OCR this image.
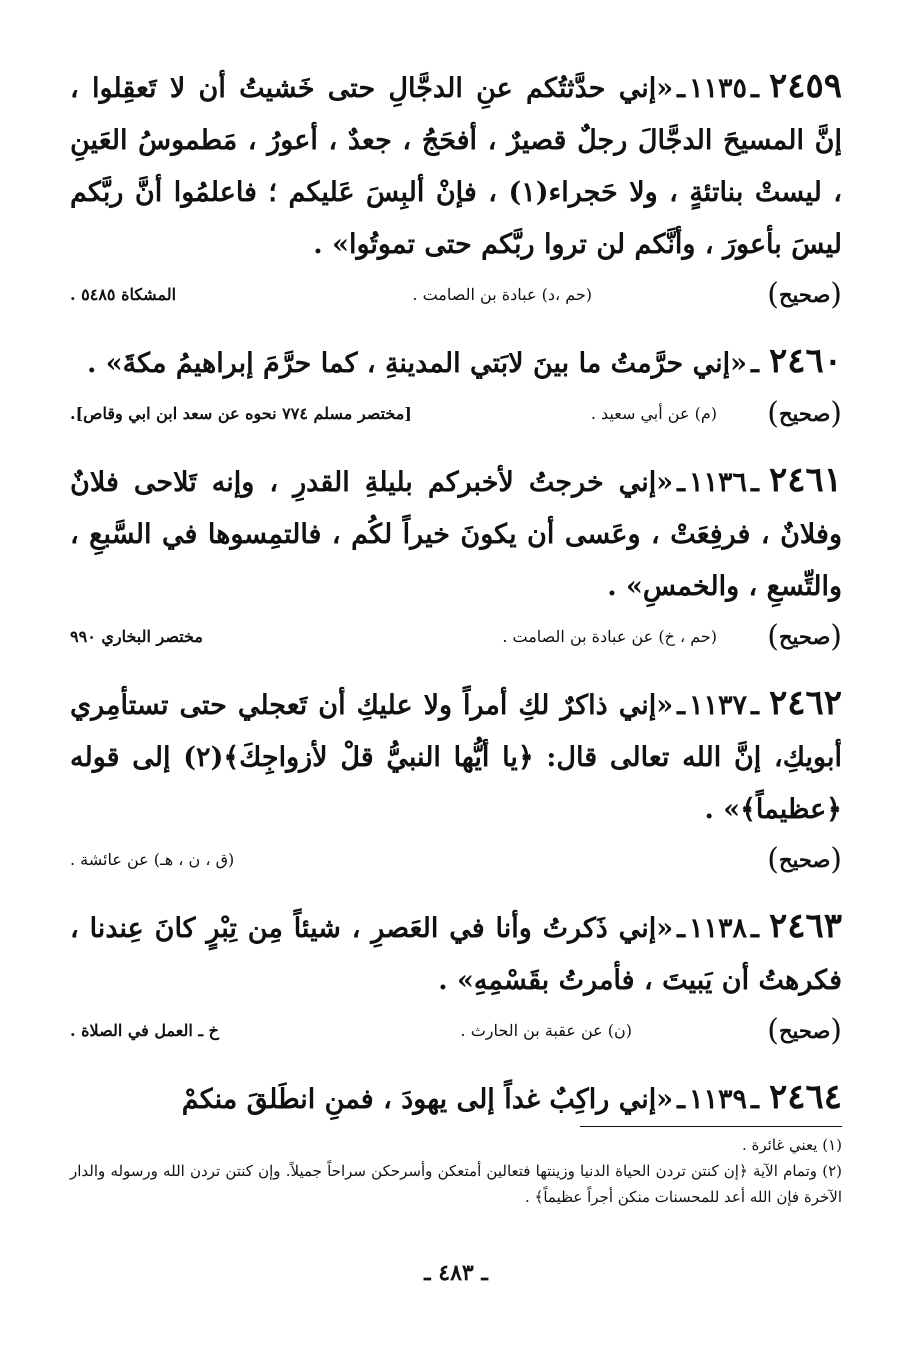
٢٤٥٩ـ١١٣٥ـ«إني حدَّثتُكم عنِ الدجَّالِ حتى خَشيتُ أن لا تَعقِلوا ، إنَّ المسيحَ الدجَّالَ رجلٌ قصيرٌ ، أفحَجُ ، جعدٌ ، أعورُ ، مَطموسُ العَينِ ، ليستْ بناتئةٍ ، ولا حَجراء(١) ، فإنْ ألبِسَ عَليكم ؛ فاعلمُوا أنَّ ربَّكم ليسَ بأعورَ ، وأنَّكم لن تروا ربَّكم حتى تموتُوا» .

(صحيح)
(حم ،د) عبادة بن الصامت .
المشكاة ٥٤٨٥ .

٢٤٦٠ـ«إني حرَّمتُ ما بينَ لابَتي المدينةِ ، كما حرَّمَ إبراهيمُ مكةَ» .

(صحيح)
(م) عن أبي سعيد .
[مختصر مسلم ٧٧٤ نحوه عن سعد ابن ابي وقاص].

٢٤٦١ـ١١٣٦ـ«إني خرجتُ لأخبركم بليلةِ القدرِ ، وإنه تَلاحى فلانٌ وفلانٌ ، فرفِعَتْ ، وعَسى أن يكونَ خيراً لكُم ، فالتمِسوها في السَّبعِ ، والتِّسعِ ، والخمسِ» .

(صحيح)
(حم ، خ) عن عبادة بن الصامت .
مختصر البخاري ٩٩٠

٢٤٦٢ـ١١٣٧ـ«إني ذاكرٌ لكِ أمراً ولا عليكِ أن تَعجلي حتى تستأمِري أبويكِ، إنَّ الله تعالى قال: ﴿يا أيُّها النبيُّ قلْ لأزواجِكَ﴾(٢) إلى قوله ﴿عظيماً﴾» .

(صحيح)
(ق ، ن ، هـ) عن عائشة .

٢٤٦٣ـ١١٣٨ـ«إني ذَكرتُ وأنا في العَصرِ ، شيئاً مِن تِبْرٍ كانَ عِندنا ، فكرهتُ أن يَبيتَ ، فأمرتُ بقَسْمِهِ» .

(صحيح)
(ن) عن عقبة بن الحارث .
خ ـ العمل في الصلاة .

٢٤٦٤ـ١١٣٩ـ«إني راكِبٌ غداً إلى يهودَ ، فمنِ انطَلقَ منكمْ

(١) يعني غائرة .

(٢) وتمام الآية ﴿إن كنتن تردن الحياة الدنيا وزينتها فتعالين أمتعكن وأسرحكن سراحاً جميلاً. وإن كنتن تردن الله ورسوله والدار الآخرة فإن الله أعد للمحسنات منكن أجراً عظيماً﴾ .

ـ ٤٨٣ ـ
